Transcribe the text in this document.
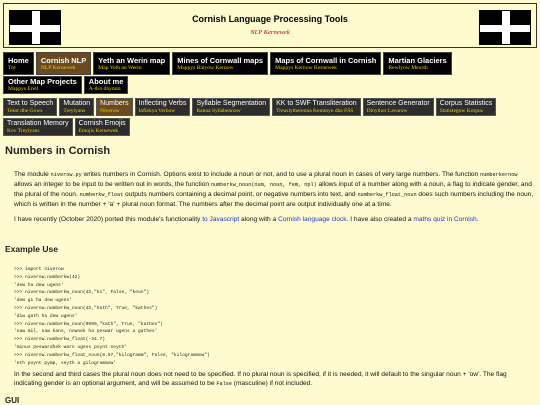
Cornish Language Processing Tools
NLP Kernewek
Home
Tre
Cornish NLP
NLP Kernewek
Yeth an Werin map
Map Yeth an Werin
Mines of Cornwall maps
Mappys Balyow Kernow
Maps of Cornwall in Cornish
Mappys Kernow Kernewek
Martian Glaciers
Rewlyow Meurth
Other Map Projects
Mappys Erell
About me
A-dro dhymm
Text to Speech
Tekst dhe Gows
Mutation
Treylyans
Numbers
Niverow
Inflecting Verbs
Inflekya Verbow
Syllable Segmentation
Ranna Syllabennow
KK to SWF Transliteration
Treuslytherenna Kemmyn dhe FSS
Sentence Generator
Dinythor Lavarow
Corpus Statistics
Statistegow Korpus
Translation Memory
Kov Treylyans
Cornish Emojis
Emojis Kernewek
Numbers in Cornish

The module niverow.py writes numbers in Cornish. Options exist to include a noun or not, and to use a plural noun in cases of very large numbers. The function numberkernow allows an integer to be input to be written out in words, the function numberkw_noun(num, noun, fem, npl) allows input of a number along with a noun, a flag to indicate gender, and the plural of the noun. numberkw_float outputs numbers containing a decimal point, or negative numbers into text, and numberkw_float_noun does such numbers including the noun, which is written in the number + 'a' + plural noun format. The numbers after the decimal point are output individually one at a time.

I have recently (October 2020) ported this module's functionality to Javascript along with a Cornish language clock. I have also created a maths quiz in Cornish.

Example Use
>>> import niverow
>>> niverow.numberkw(42)
'dew ha dew ugens'
>>> niverow.numberkw_noun(42,"ki", False, "keun")
'dew gi ha dew ugens'
>>> niverow.numberkw_noun(42,"kath", True, "kathes")
'diw gath ha dew ugens'
>>> niverow.numberkw_noun(9999,"kath", True, "kathes")
'naw mil, naw kans, nownek ha peswar ugens a gathes'
>>> niverow.numberkw_float(-34.7)
'minus peswardhek warn ugens poynt seyth'
>>> niverow.numberkw_float_noun(8.57,"kilogramm", False, "kilogrammow")
'eth poynt pymp, seyth a gilogrammow'

In the second and third cases the plural noun does not need to be specified. If no plural noun is specified, if it is needed, it will default to the singular noun + 'ow'. The flag indicating gender is an optional argument, and will be assumed to be False (masculine) if not included.

GUI
